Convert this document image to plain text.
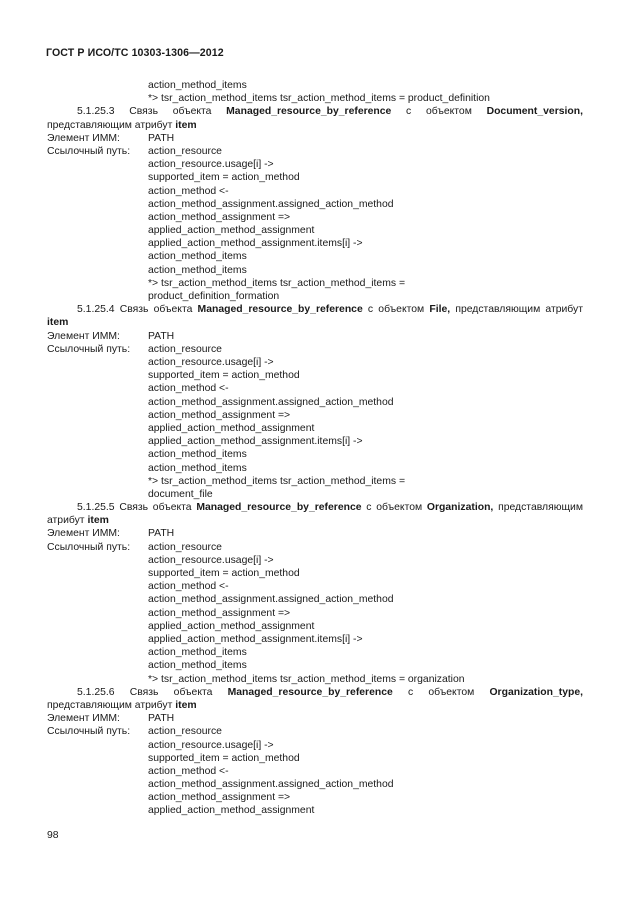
ГОСТ Р ИСО/ТС 10303-1306—2012
action_method_items
*> tsr_action_method_items tsr_action_method_items = product_definition
5.1.25.3 Связь объекта Managed_resource_by_reference с объектом Document_version, представляющим атрибут item
Элемент ИММ:	PATH
Ссылочный путь:	action_resource
action_resource.usage[i] ->
supported_item = action_method
action_method <-
action_method_assignment.assigned_action_method
action_method_assignment =>
applied_action_method_assignment
applied_action_method_assignment.items[i] ->
action_method_items
action_method_items
*> tsr_action_method_items tsr_action_method_items =
product_definition_formation
5.1.25.4 Связь объекта Managed_resource_by_reference с объектом File, представляющим атрибут item
Элемент ИММ:	PATH
Ссылочный путь:	action_resource
action_resource.usage[i] ->
supported_item = action_method
action_method <-
action_method_assignment.assigned_action_method
action_method_assignment =>
applied_action_method_assignment
applied_action_method_assignment.items[i] ->
action_method_items
action_method_items
*> tsr_action_method_items tsr_action_method_items =
document_file
5.1.25.5 Связь объекта Managed_resource_by_reference с объектом Organization, представляющим атрибут item
Элемент ИММ:	PATH
Ссылочный путь:	action_resource
action_resource.usage[i] ->
supported_item = action_method
action_method <-
action_method_assignment.assigned_action_method
action_method_assignment =>
applied_action_method_assignment
applied_action_method_assignment.items[i] ->
action_method_items
action_method_items
*> tsr_action_method_items tsr_action_method_items = organization
5.1.25.6 Связь объекта Managed_resource_by_reference с объектом Organization_type, представляющим атрибут item
Элемент ИММ:	PATH
Ссылочный путь:	action_resource
action_resource.usage[i] ->
supported_item = action_method
action_method <-
action_method_assignment.assigned_action_method
action_method_assignment =>
applied_action_method_assignment
98
